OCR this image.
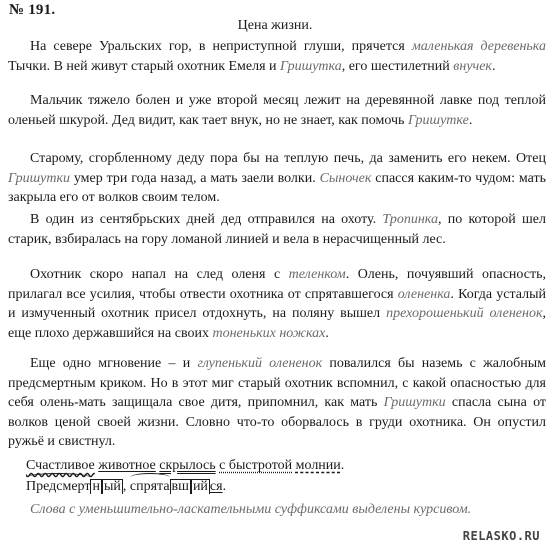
№ 191.
Цена жизни.

На севере Уральских гор, в неприступной глуши, прячется маленькая деревенька Тычки. В ней живут старый охотник Емеля и Гришутка, его шестилетний внучек.

Мальчик тяжело болен и уже второй месяц лежит на деревянной лавке под теплой оленьей шкурой. Дед видит, как тает внук, но не знает, как помочь Гришутке.

Старому, сгорбленному деду пора бы на теплую печь, да заменить его некем. Отец Гришутки умер три года назад, а мать заели волки. Сыночек спасся каким-то чудом: мать закрыла его от волков своим телом.

В один из сентябрьских дней дед отправился на охоту. Тропинка, по которой шел старик, взбиралась на гору ломаной линией и вела в нерасчищенный лес.

Охотник скоро напал на след оленя с теленком. Олень, почуявший опасность, прилагал все усилия, чтобы отвести охотника от спрятавшегося олененка. Когда усталый и измученный охотник присел отдохнуть, на поляну вышел прехорошенький олененок, еще плохо державшийся на своих тоненьких ножках.

Еще одно мгновение – и глупенький олененок повалился бы наземь с жалобным предсмертным криком. Но в этот миг старый охотник вспомнил, с какой опасностью для себя олень-мать защищала свое дитя, припомнил, как мать Гришутки спасла сына от волков ценой своей жизни. Словно что-то оборвалось в груди охотника. Он опустил ружьё и свистнул.

Счастливое животное скрылось с быстротой молнии.
Предсмерт н ый , спрята вш ий ся.

Слова с уменьшительно-ласкательными суффиксами выделены курсивом.

RELASKO.RU
